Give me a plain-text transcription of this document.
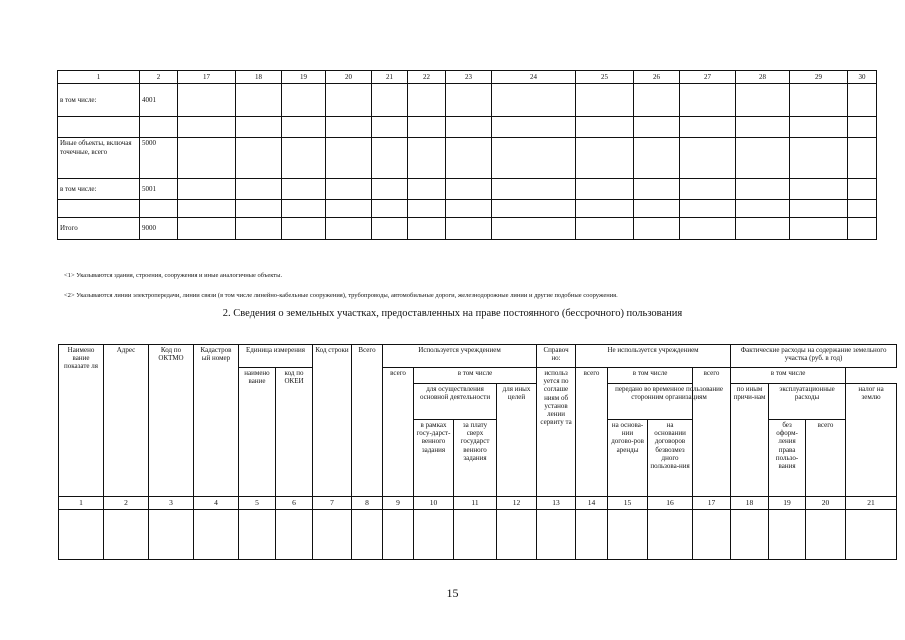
1	2	17	18	19	20	21	22	23	24	25	26	27	28	29	30
в том числе:	4001														

Иные объекты, включая точечные, всего	5000														
в том числе:	5001														

Итого	9000														
<1> Указываются здания, строения, сооружения и иные аналогичные объекты.
<2> Указываются линии электропередачи, линии связи (в том числе линейно-кабельные сооружения), трубопроводы, автомобильные дороги, железнодорожные линии и другие подобные сооружения.
2. Сведения о земельных участках, предоставленных на праве постоянного (бессрочного) пользования
Наимено вание показате ля	Адрес	Код по ОКТМО	Кадастров ый номер	Единица измерения		Код строки	Всего	Используется учреждением				Справоч но:	Не используется учреждением				Фактические расходы на содержание земельного участка (руб. в год)				
				наимено вание	код по ОКЕИ			всего	в том числе			использ уется по соглаше ниям об установ лении сервиту та	всего	в том числе		всего	в том числе				
									для осуществления основной деятельности		для иных целей			передано во временное пользование сторонним организациям			по иным причи-нам	эксплуатационные расходы		налог на землю	
									в рамках госу-дарст-венного задания	за плату сверх государст венного задания				на основа-нии догово-ров аренды	на основании договоров безвозмез дного пользова-ния			без оформ-ления права пользо-вания	всего	
1	2	3	4	5	6	7	8	9	10	11	12	13	14	15	16	17	18	19	20	21	

15
